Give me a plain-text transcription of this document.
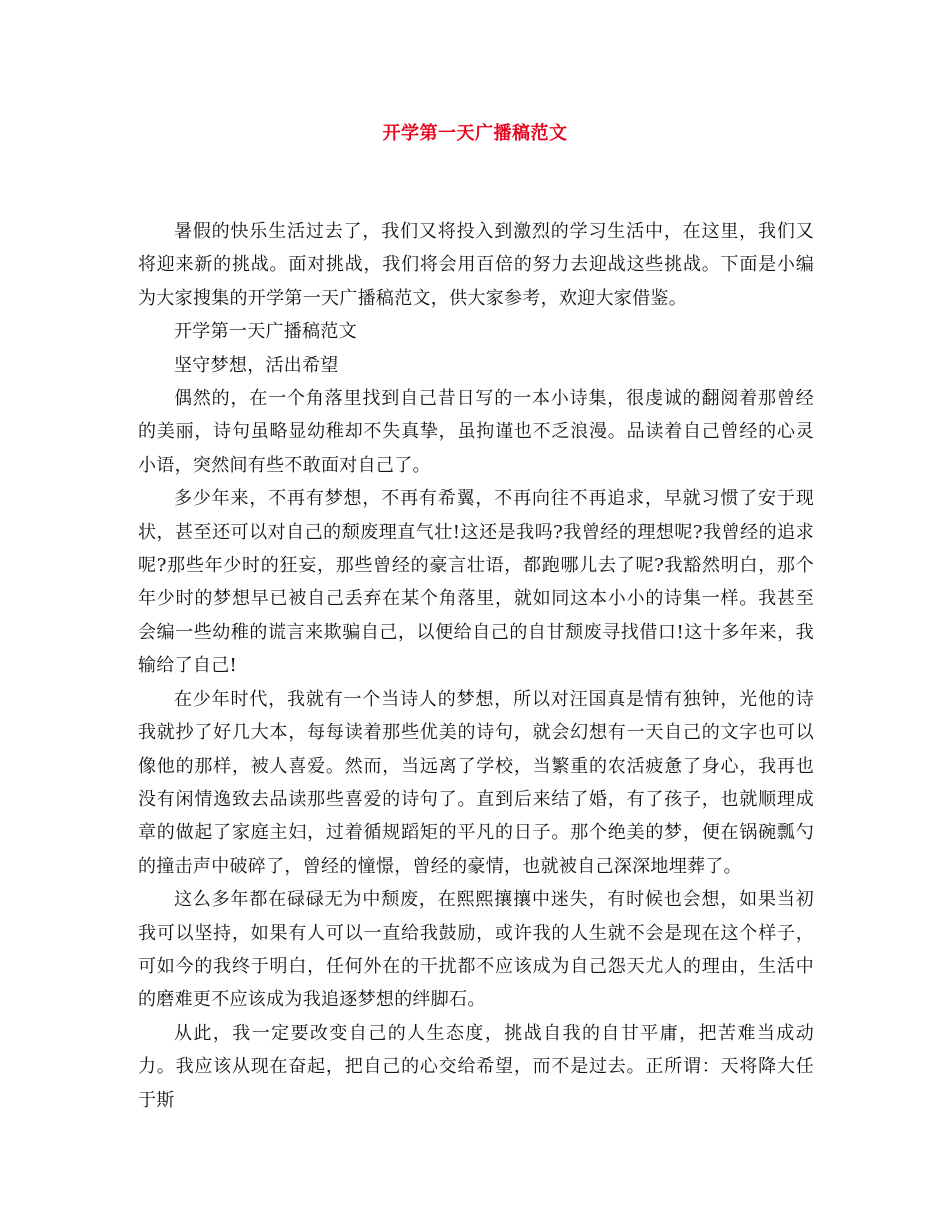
开学第一天广播稿范文

暑假的快乐生活过去了，我们又将投入到激烈的学习生活中，在这里，我们又将迎来新的挑战。面对挑战，我们将会用百倍的努力去迎战这些挑战。下面是小编为大家搜集的开学第一天广播稿范文，供大家参考，欢迎大家借鉴。

开学第一天广播稿范文

坚守梦想，活出希望

偶然的，在一个角落里找到自己昔日写的一本小诗集，很虔诚的翻阅着那曾经的美丽，诗句虽略显幼稚却不失真挚，虽拘谨也不乏浪漫。品读着自己曾经的心灵小语，突然间有些不敢面对自己了。

多少年来，不再有梦想，不再有希翼，不再向往不再追求，早就习惯了安于现状，甚至还可以对自己的颓废理直气壮!这还是我吗?我曾经的理想呢?我曾经的追求呢?那些年少时的狂妄，那些曾经的豪言壮语，都跑哪儿去了呢?我豁然明白，那个年少时的梦想早已被自己丢弃在某个角落里，就如同这本小小的诗集一样。我甚至会编一些幼稚的谎言来欺骗自己，以便给自己的自甘颓废寻找借口!这十多年来，我输给了自己!

在少年时代，我就有一个当诗人的梦想，所以对汪国真是情有独钟，光他的诗我就抄了好几大本，每每读着那些优美的诗句，就会幻想有一天自己的文字也可以像他的那样，被人喜爱。然而，当远离了学校，当繁重的农活疲惫了身心，我再也没有闲情逸致去品读那些喜爱的诗句了。直到后来结了婚，有了孩子，也就顺理成章的做起了家庭主妇，过着循规蹈矩的平凡的日子。那个绝美的梦，便在锅碗瓢勺的撞击声中破碎了，曾经的憧憬，曾经的豪情，也就被自己深深地埋葬了。

这么多年都在碌碌无为中颓废，在熙熙攘攘中迷失，有时候也会想，如果当初我可以坚持，如果有人可以一直给我鼓励，或许我的人生就不会是现在这个样子，可如今的我终于明白，任何外在的干扰都不应该成为自己怨天尤人的理由，生活中的磨难更不应该成为我追逐梦想的绊脚石。

从此，我一定要改变自己的人生态度，挑战自我的自甘平庸，把苦难当成动力。我应该从现在奋起，把自己的心交给希望，而不是过去。正所谓：天将降大任于斯
